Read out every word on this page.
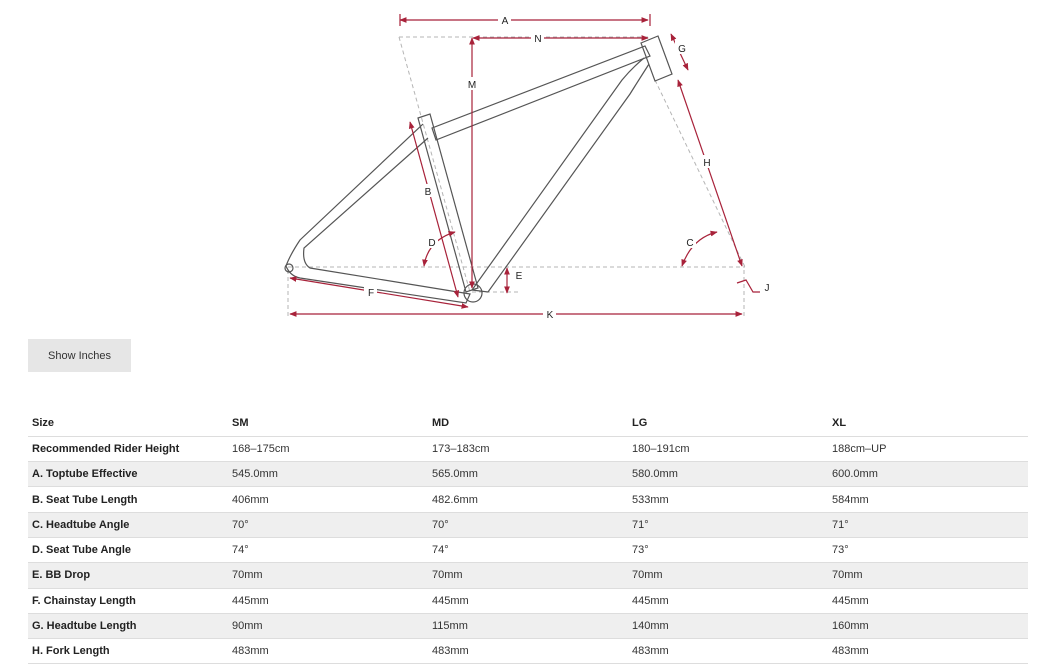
A
N
G
M
H
B
C
D
E
J
F
K
Show Inches
Size	SM	MD	LG	XL
Recommended Rider Height	168–175cm	173–183cm	180–191cm	188cm–UP
A. Toptube Effective	545.0mm	565.0mm	580.0mm	600.0mm
B. Seat Tube Length	406mm	482.6mm	533mm	584mm
C. Headtube Angle	70°	70°	71°	71°
D. Seat Tube Angle	74°	74°	73°	73°
E. BB Drop	70mm	70mm	70mm	70mm
F. Chainstay Length	445mm	445mm	445mm	445mm
G. Headtube Length	90mm	115mm	140mm	160mm
H. Fork Length	483mm	483mm	483mm	483mm
